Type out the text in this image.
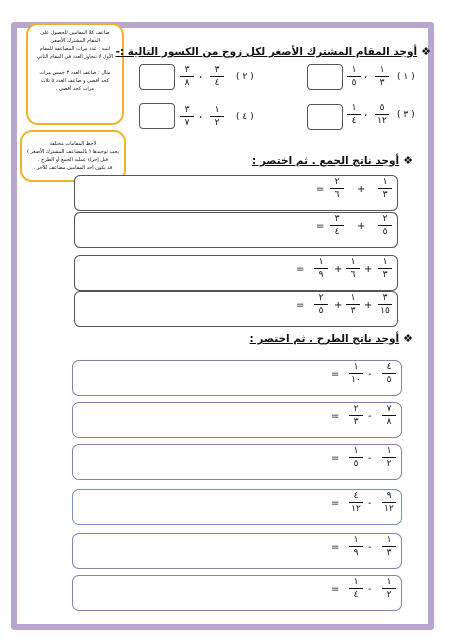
ضاعف كلا المقامين للحصول على
المقام المشترك الأصغر.
انتبه : عدد مرات المضاعفة للمقام
الأول لا تتجاوز العدد في المقام الثاني
.
مثال : ضاعف العدد ٣ خمس مرات
كحد أقصى و ضاعف العدد ٥ ثلاث
مرات كحد أقصى .
لاحظ المقامات مختلفة
يجب توحيدها ( بالمضاعف المشترك الأصغر )
قبل إجراء عملية الجمع أو الطرح .
قد يكون أحد المقامين مضاعف للآخر .
❖أوجد المقام المشترك الأصغر لكل زوج من الكسور التالية :-
( ١ )
١
٣
،
١
٥
( ٢ )
٣
٤
،
٣
٨
( ٣ )
٥
١٢
،
١
٤
( ٤ )
١
٢
،
٣
٧
❖أوجد ناتج الجمع . ثم اختصر :
١
٣
+
٢
٦
=
٢
٥
+
٣
٤
=
١
٣
+
١
٦
+
١
٩
=
٣
١٥
+
١
٣
+
٢
٥
=
❖أوجد ناتج الطرح . ثم اختصر :
٤
٥
-
١
١٠
=
٧
٨
-
٢
٣
=
١
٢
-
١
٥
=
٩
١٢
-
٤
١٢
=
١
٣
-
١
٩
=
١
٢
-
١
٤
=
